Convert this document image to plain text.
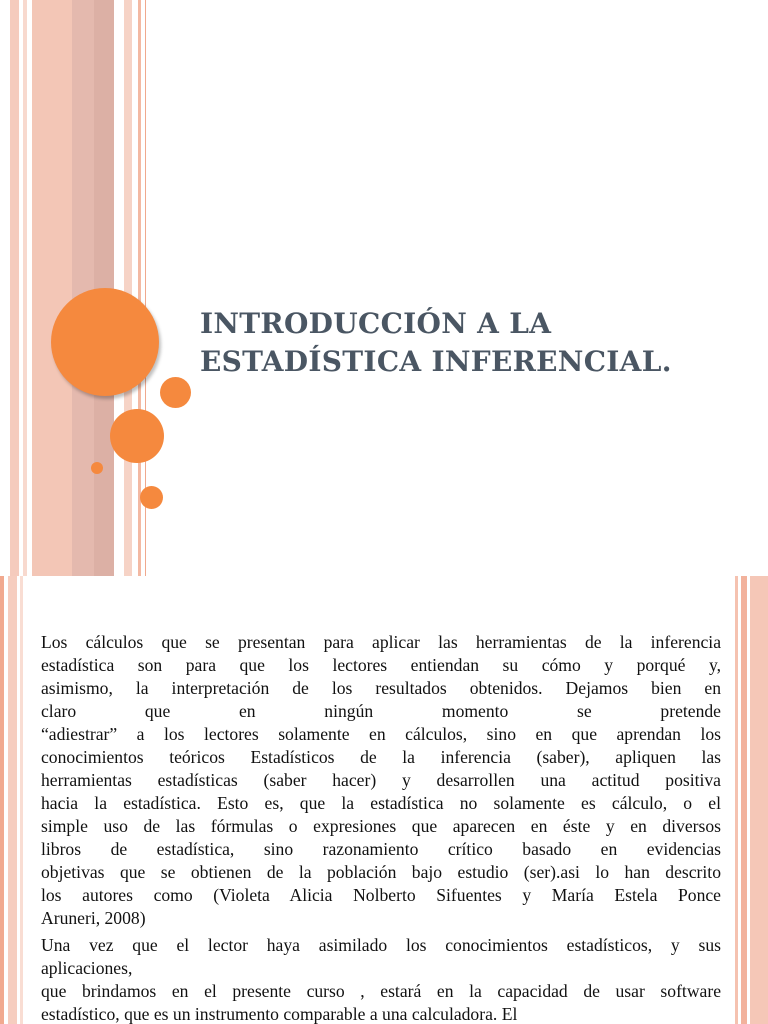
INTRODUCCIÓN A LA
ESTADÍSTICA INFERENCIAL.

Los cálculos que se presentan para aplicar las herramientas de la inferencia
estadística son para que los lectores entiendan su cómo y porqué y,
asimismo, la interpretación de los resultados obtenidos. Dejamos bien en
claro que en ningún momento se pretende
“adiestrar” a los lectores solamente en cálculos, sino en que aprendan los
conocimientos teóricos Estadísticos de la inferencia (saber), apliquen las
herramientas estadísticas (saber hacer) y desarrollen una actitud positiva
hacia la estadística. Esto es, que la estadística no solamente es cálculo, o el
simple uso de las fórmulas o expresiones que aparecen en éste y en diversos
libros de estadística, sino razonamiento crítico basado en evidencias
objetivas que se obtienen de la población bajo estudio (ser).asi lo han descrito
los autores como (Violeta Alicia Nolberto Sifuentes y María Estela Ponce
Aruneri, 2008)

Una vez que el lector haya asimilado los conocimientos estadísticos, y sus
aplicaciones,
que brindamos en el presente curso , estará en la capacidad de usar software
estadístico, que es un instrumento comparable a una calculadora. El
